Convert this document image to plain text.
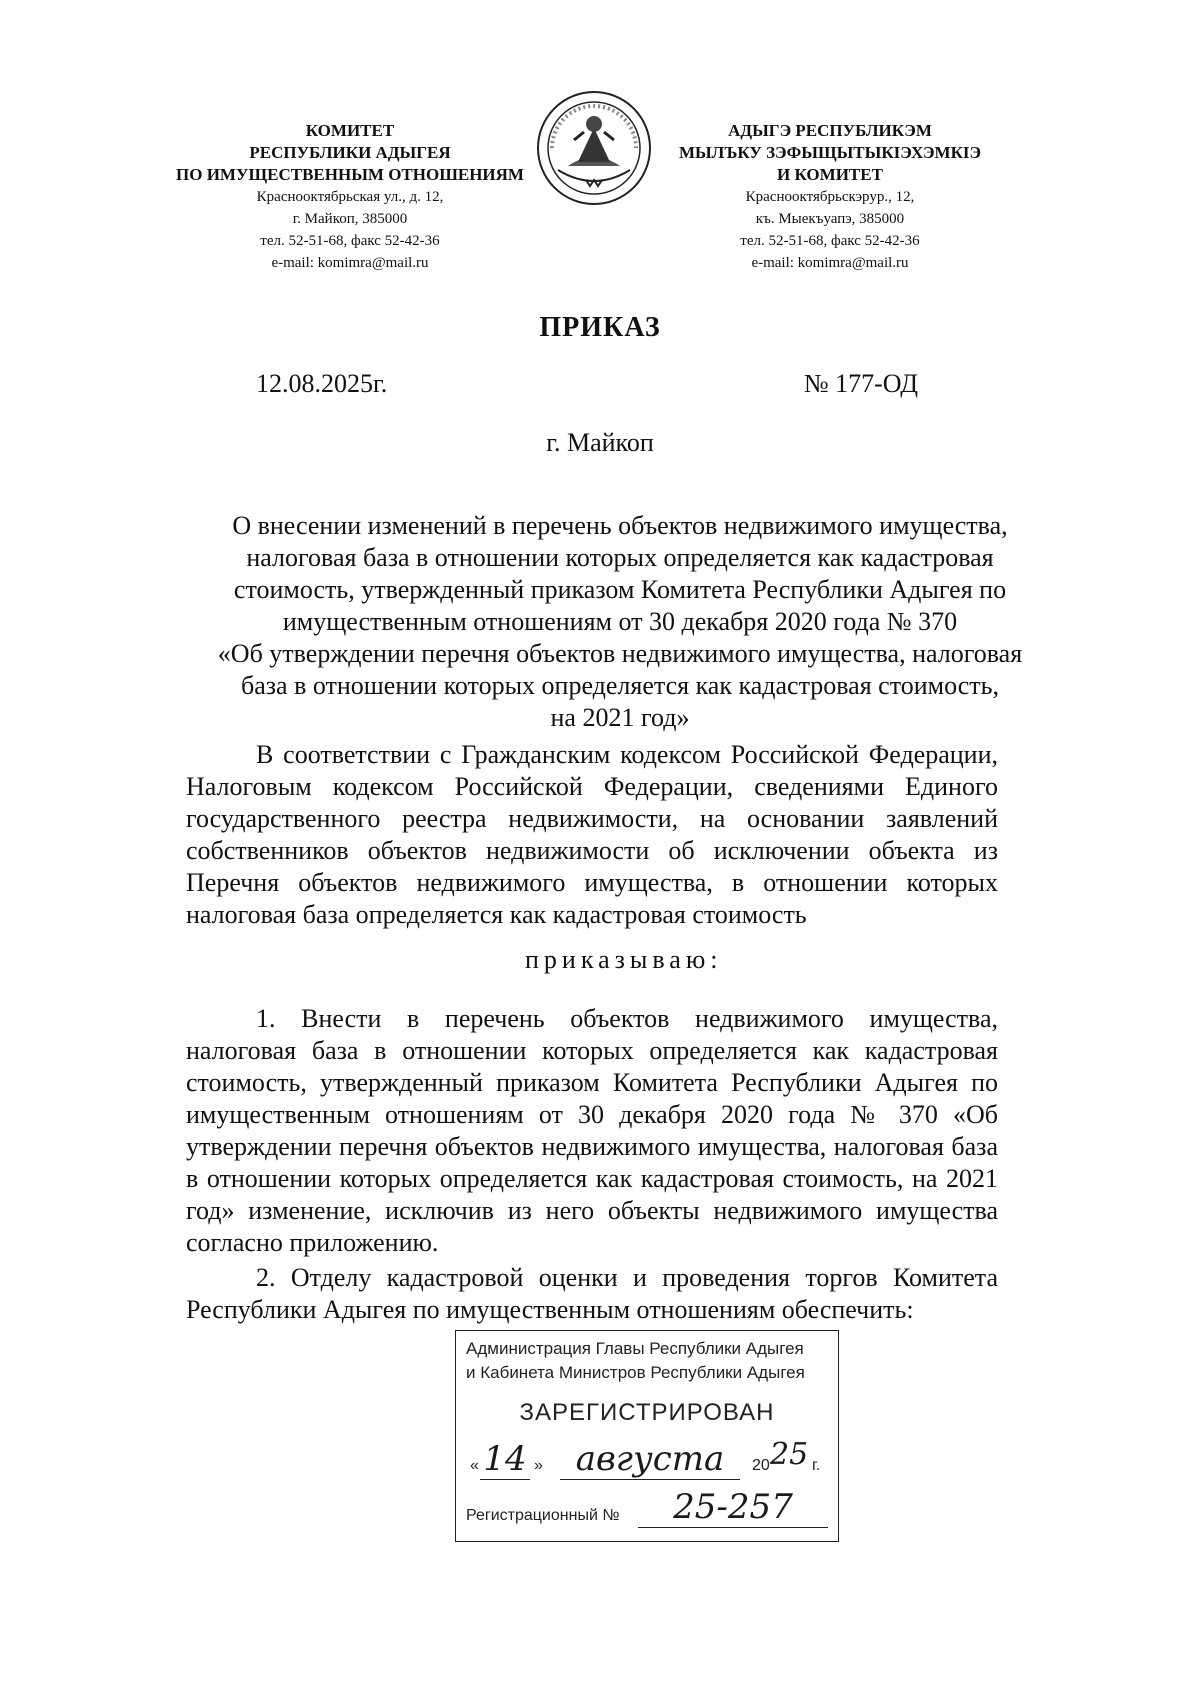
КОМИТЕТ
РЕСПУБЛИКИ АДЫГЕЯ
ПО ИМУЩЕСТВЕННЫМ ОТНОШЕНИЯМ
Краснооктябрьская ул., д. 12,
г. Майкоп, 385000
тел. 52-51-68, факс 52-42-36
e-mail: komimra@mail.ru
АДЫГЭ РЕСПУБЛИКЭМ
МЫЛЪКУ ЗЭФЫЩЫТЫКIЭХЭМКIЭ
И КОМИТЕТ
Краснооктябрьскэрур., 12,
къ. Мыекъуапэ, 385000
тел. 52-51-68, факс 52-42-36
e-mail: komimra@mail.ru
ПРИКАЗ
12.08.2025г.	№ 177-ОД
г. Майкоп
О внесении изменений в перечень объектов недвижимого имущества,
налоговая база в отношении которых определяется как кадастровая
стоимость, утвержденный приказом Комитета Республики Адыгея по
имущественным отношениям от 30 декабря 2020 года № 370
«Об утверждении перечня объектов недвижимого имущества, налоговая
база в отношении которых определяется как кадастровая стоимость,
на 2021 год»

В соответствии с Гражданским кодексом Российской Федерации, Налоговым кодексом Российской Федерации, сведениями Единого государственного реестра недвижимости, на основании заявлений собственников объектов недвижимости об исключении объекта из Перечня объектов недвижимого имущества, в отношении которых налоговая база определяется как кадастровая стоимость

приказываю:

1. Внести в перечень объектов недвижимого имущества, налоговая база в отношении которых определяется как кадастровая стоимость, утвержденный приказом Комитета Республики Адыгея по имущественным отношениям от 30 декабря 2020 года № 370 «Об утверждении перечня объектов недвижимого имущества, налоговая база в отношении которых определяется как кадастровая стоимость, на 2021 год» изменение, исключив из него объекты недвижимого имущества согласно приложению.

2. Отделу кадастровой оценки и проведения торгов Комитета Республики Адыгея по имущественным отношениям обеспечить:

Администрация Главы Республики Адыгея
и Кабинета Министров Республики Адыгея
ЗАРЕГИСТРИРОВАН
« 14 » августа	20 25 г.
Регистрационный №	25-257
